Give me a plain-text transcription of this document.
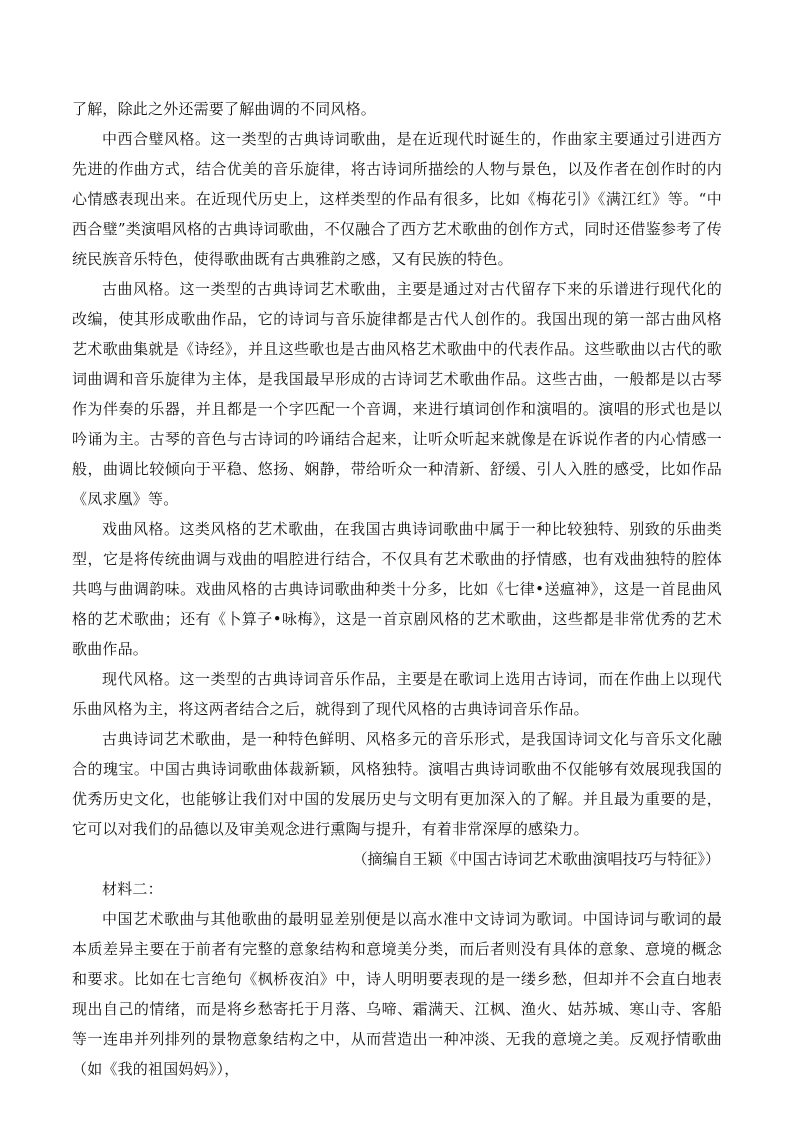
了解，除此之外还需要了解曲调的不同风格。

中西合璧风格。这一类型的古典诗词歌曲，是在近现代时诞生的，作曲家主要通过引进西方先进的作曲方式，结合优美的音乐旋律，将古诗词所描绘的人物与景色，以及作者在创作时的内心情感表现出来。在近现代历史上，这样类型的作品有很多，比如《梅花引》《满江红》等。“中西合璧”类演唱风格的古典诗词歌曲，不仅融合了西方艺术歌曲的创作方式，同时还借鉴参考了传统民族音乐特色，使得歌曲既有古典雅韵之感，又有民族的特色。

古曲风格。这一类型的古典诗词艺术歌曲，主要是通过对古代留存下来的乐谱进行现代化的改编，使其形成歌曲作品，它的诗词与音乐旋律都是古代人创作的。我国出现的第一部古曲风格艺术歌曲集就是《诗经》，并且这些歌也是古曲风格艺术歌曲中的代表作品。这些歌曲以古代的歌词曲调和音乐旋律为主体，是我国最早形成的古诗词艺术歌曲作品。这些古曲，一般都是以古琴作为伴奏的乐器，并且都是一个字匹配一个音调，来进行填词创作和演唱的。演唱的形式也是以吟诵为主。古琴的音色与古诗词的吟诵结合起来，让听众听起来就像是在诉说作者的内心情感一般，曲调比较倾向于平稳、悠扬、娴静，带给听众一种清新、舒缓、引人入胜的感受，比如作品《凤求凰》等。

戏曲风格。这类风格的艺术歌曲，在我国古典诗词歌曲中属于一种比较独特、别致的乐曲类型，它是将传统曲调与戏曲的唱腔进行结合，不仅具有艺术歌曲的抒情感，也有戏曲独特的腔体共鸣与曲调韵味。戏曲风格的古典诗词歌曲种类十分多，比如《七律•送瘟神》，这是一首昆曲风格的艺术歌曲；还有《卜算子•咏梅》，这是一首京剧风格的艺术歌曲，这些都是非常优秀的艺术歌曲作品。

现代风格。这一类型的古典诗词音乐作品，主要是在歌词上选用古诗词，而在作曲上以现代乐曲风格为主，将这两者结合之后，就得到了现代风格的古典诗词音乐作品。

古典诗词艺术歌曲，是一种特色鲜明、风格多元的音乐形式，是我国诗词文化与音乐文化融合的瑰宝。中国古典诗词歌曲体裁新颖，风格独特。演唱古典诗词歌曲不仅能够有效展现我国的优秀历史文化，也能够让我们对中国的发展历史与文明有更加深入的了解。并且最为重要的是，它可以对我们的品德以及审美观念进行熏陶与提升，有着非常深厚的感染力。

（摘编自王颖《中国古诗词艺术歌曲演唱技巧与特征》）

材料二：

中国艺术歌曲与其他歌曲的最明显差别便是以高水准中文诗词为歌词。中国诗词与歌词的最本质差异主要在于前者有完整的意象结构和意境美分类，而后者则没有具体的意象、意境的概念和要求。比如在七言绝句《枫桥夜泊》中，诗人明明要表现的是一缕乡愁，但却并不会直白地表现出自己的情绪，而是将乡愁寄托于月落、乌啼、霜满天、江枫、渔火、姑苏城、寒山寺、客船等一连串并列排列的景物意象结构之中，从而营造出一种冲淡、无我的意境之美。反观抒情歌曲（如《我的祖国妈妈》），
